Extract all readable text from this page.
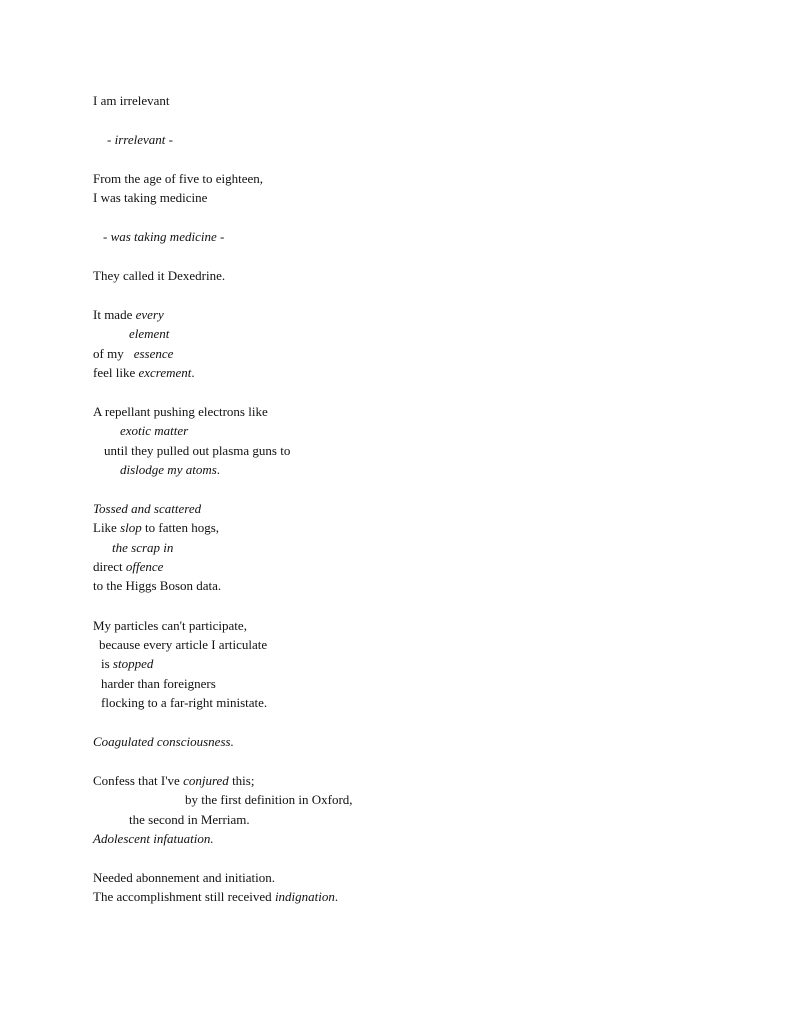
I am irrelevant
- irrelevant -
From the age of five to eighteen,
I was taking medicine
- was taking medicine -
They called it Dexedrine.
It made every
element
of my essence
feel like excrement.
A repellant pushing electrons like
exotic matter
until they pulled out plasma guns to
dislodge my atoms.
Tossed and scattered
Like slop to fatten hogs,
the scrap in
direct offence
to the Higgs Boson data.
My particles can't participate,
because every article I articulate
is stopped
harder than foreigners
flocking to a far-right ministate.
Coagulated consciousness.
Confess that I've conjured this;
by the first definition in Oxford,
the second in Merriam.
Adolescent infatuation.
Needed abonnement and initiation.
The accomplishment still received indignation.
